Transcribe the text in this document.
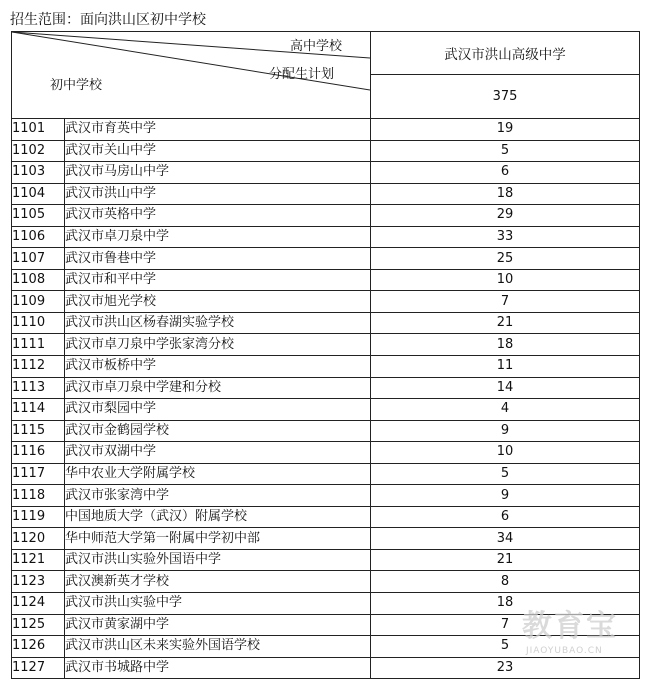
招生范围：面向洪山区初中学校
高中学校
分配生计划
初中学校		武汉市洪山高级中学
		375
1101	武汉市育英中学	19
1102	武汉市关山中学	5
1103	武汉市马房山中学	6
1104	武汉市洪山中学	18
1105	武汉市英格中学	29
1106	武汉市卓刀泉中学	33
1107	武汉市鲁巷中学	25
1108	武汉市和平中学	10
1109	武汉市旭光学校	7
1110	武汉市洪山区杨春湖实验学校	21
1111	武汉市卓刀泉中学张家湾分校	18
1112	武汉市板桥中学	11
1113	武汉市卓刀泉中学建和分校	14
1114	武汉市梨园中学	4
1115	武汉市金鹤园学校	9
1116	武汉市双湖中学	10
1117	华中农业大学附属学校	5
1118	武汉市张家湾中学	9
1119	中国地质大学（武汉）附属学校	6
1120	华中师范大学第一附属中学初中部	34
1121	武汉市洪山实验外国语中学	21
1123	武汉澳新英才学校	8
1124	武汉市洪山实验中学	18
1125	武汉市黄家湖中学	7
1126	武汉市洪山区未来实验外国语学校	5
1127	武汉市书城路中学	23
教育宝
JIAOYUBAO.CN
